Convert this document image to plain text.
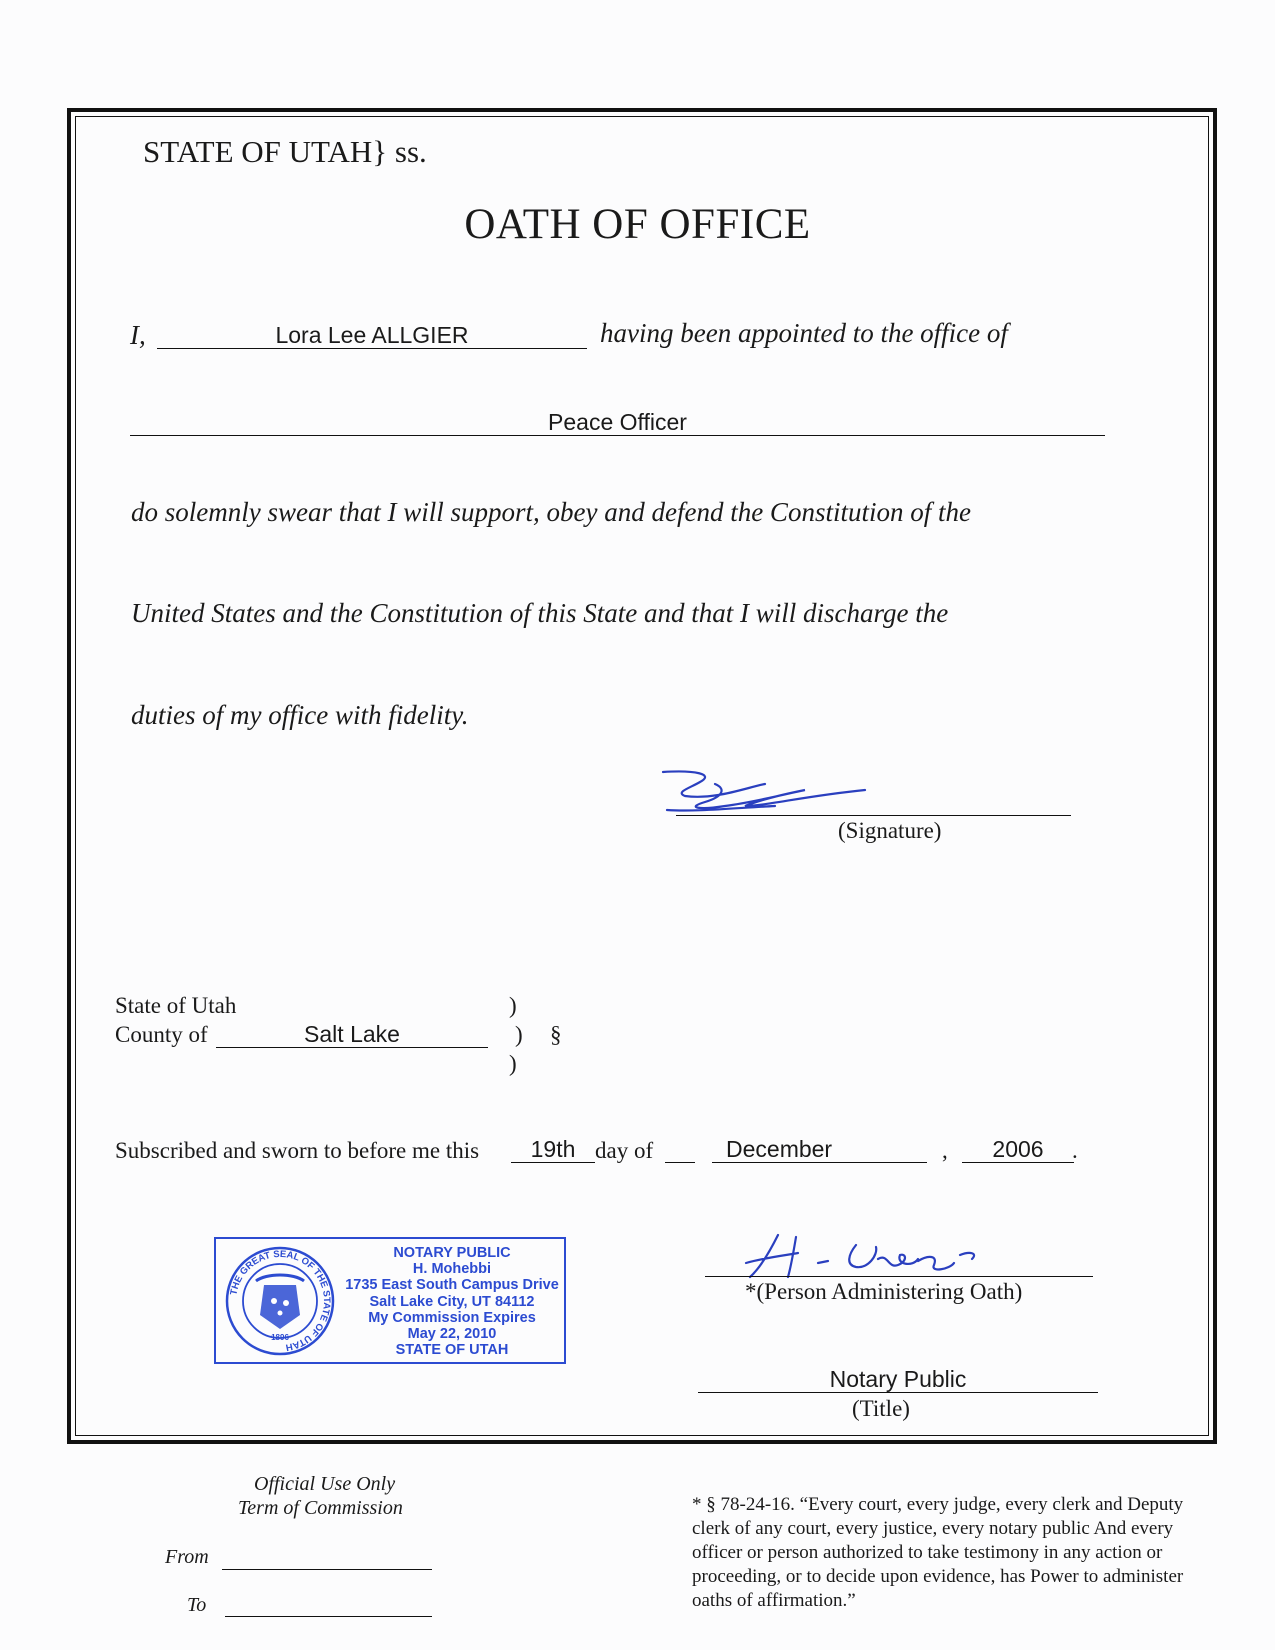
STATE OF UTAH} ss.
OATH OF OFFICE
I,	Lora Lee ALLGIER	having been appointed to the office of
Peace Officer
do solemnly swear that I will support, obey and defend the Constitution of the
United States and the Constitution of this State and that I will discharge the
duties of my office with fidelity.
(Signature)
State of Utah
County of	Salt Lake
)
)
)
§
Subscribed and sworn to before me this	19th day of	December	,	2006	.
THE GREAT SEAL OF THE STATE OF UTAH
1896
NOTARY PUBLIC
H. Mohebbi
1735 East South Campus Drive
Salt Lake City, UT 84112
My Commission Expires
May 22, 2010
STATE OF UTAH
*(Person Administering Oath)
Notary Public
(Title)
Official Use Only
Term of Commission
From
To
* § 78-24-16. “Every court, every judge, every clerk and Deputy clerk of any court, every justice, every notary public And every officer or person authorized to take testimony in any action or proceeding, or to decide upon evidence, has Power to administer oaths of affirmation.”
